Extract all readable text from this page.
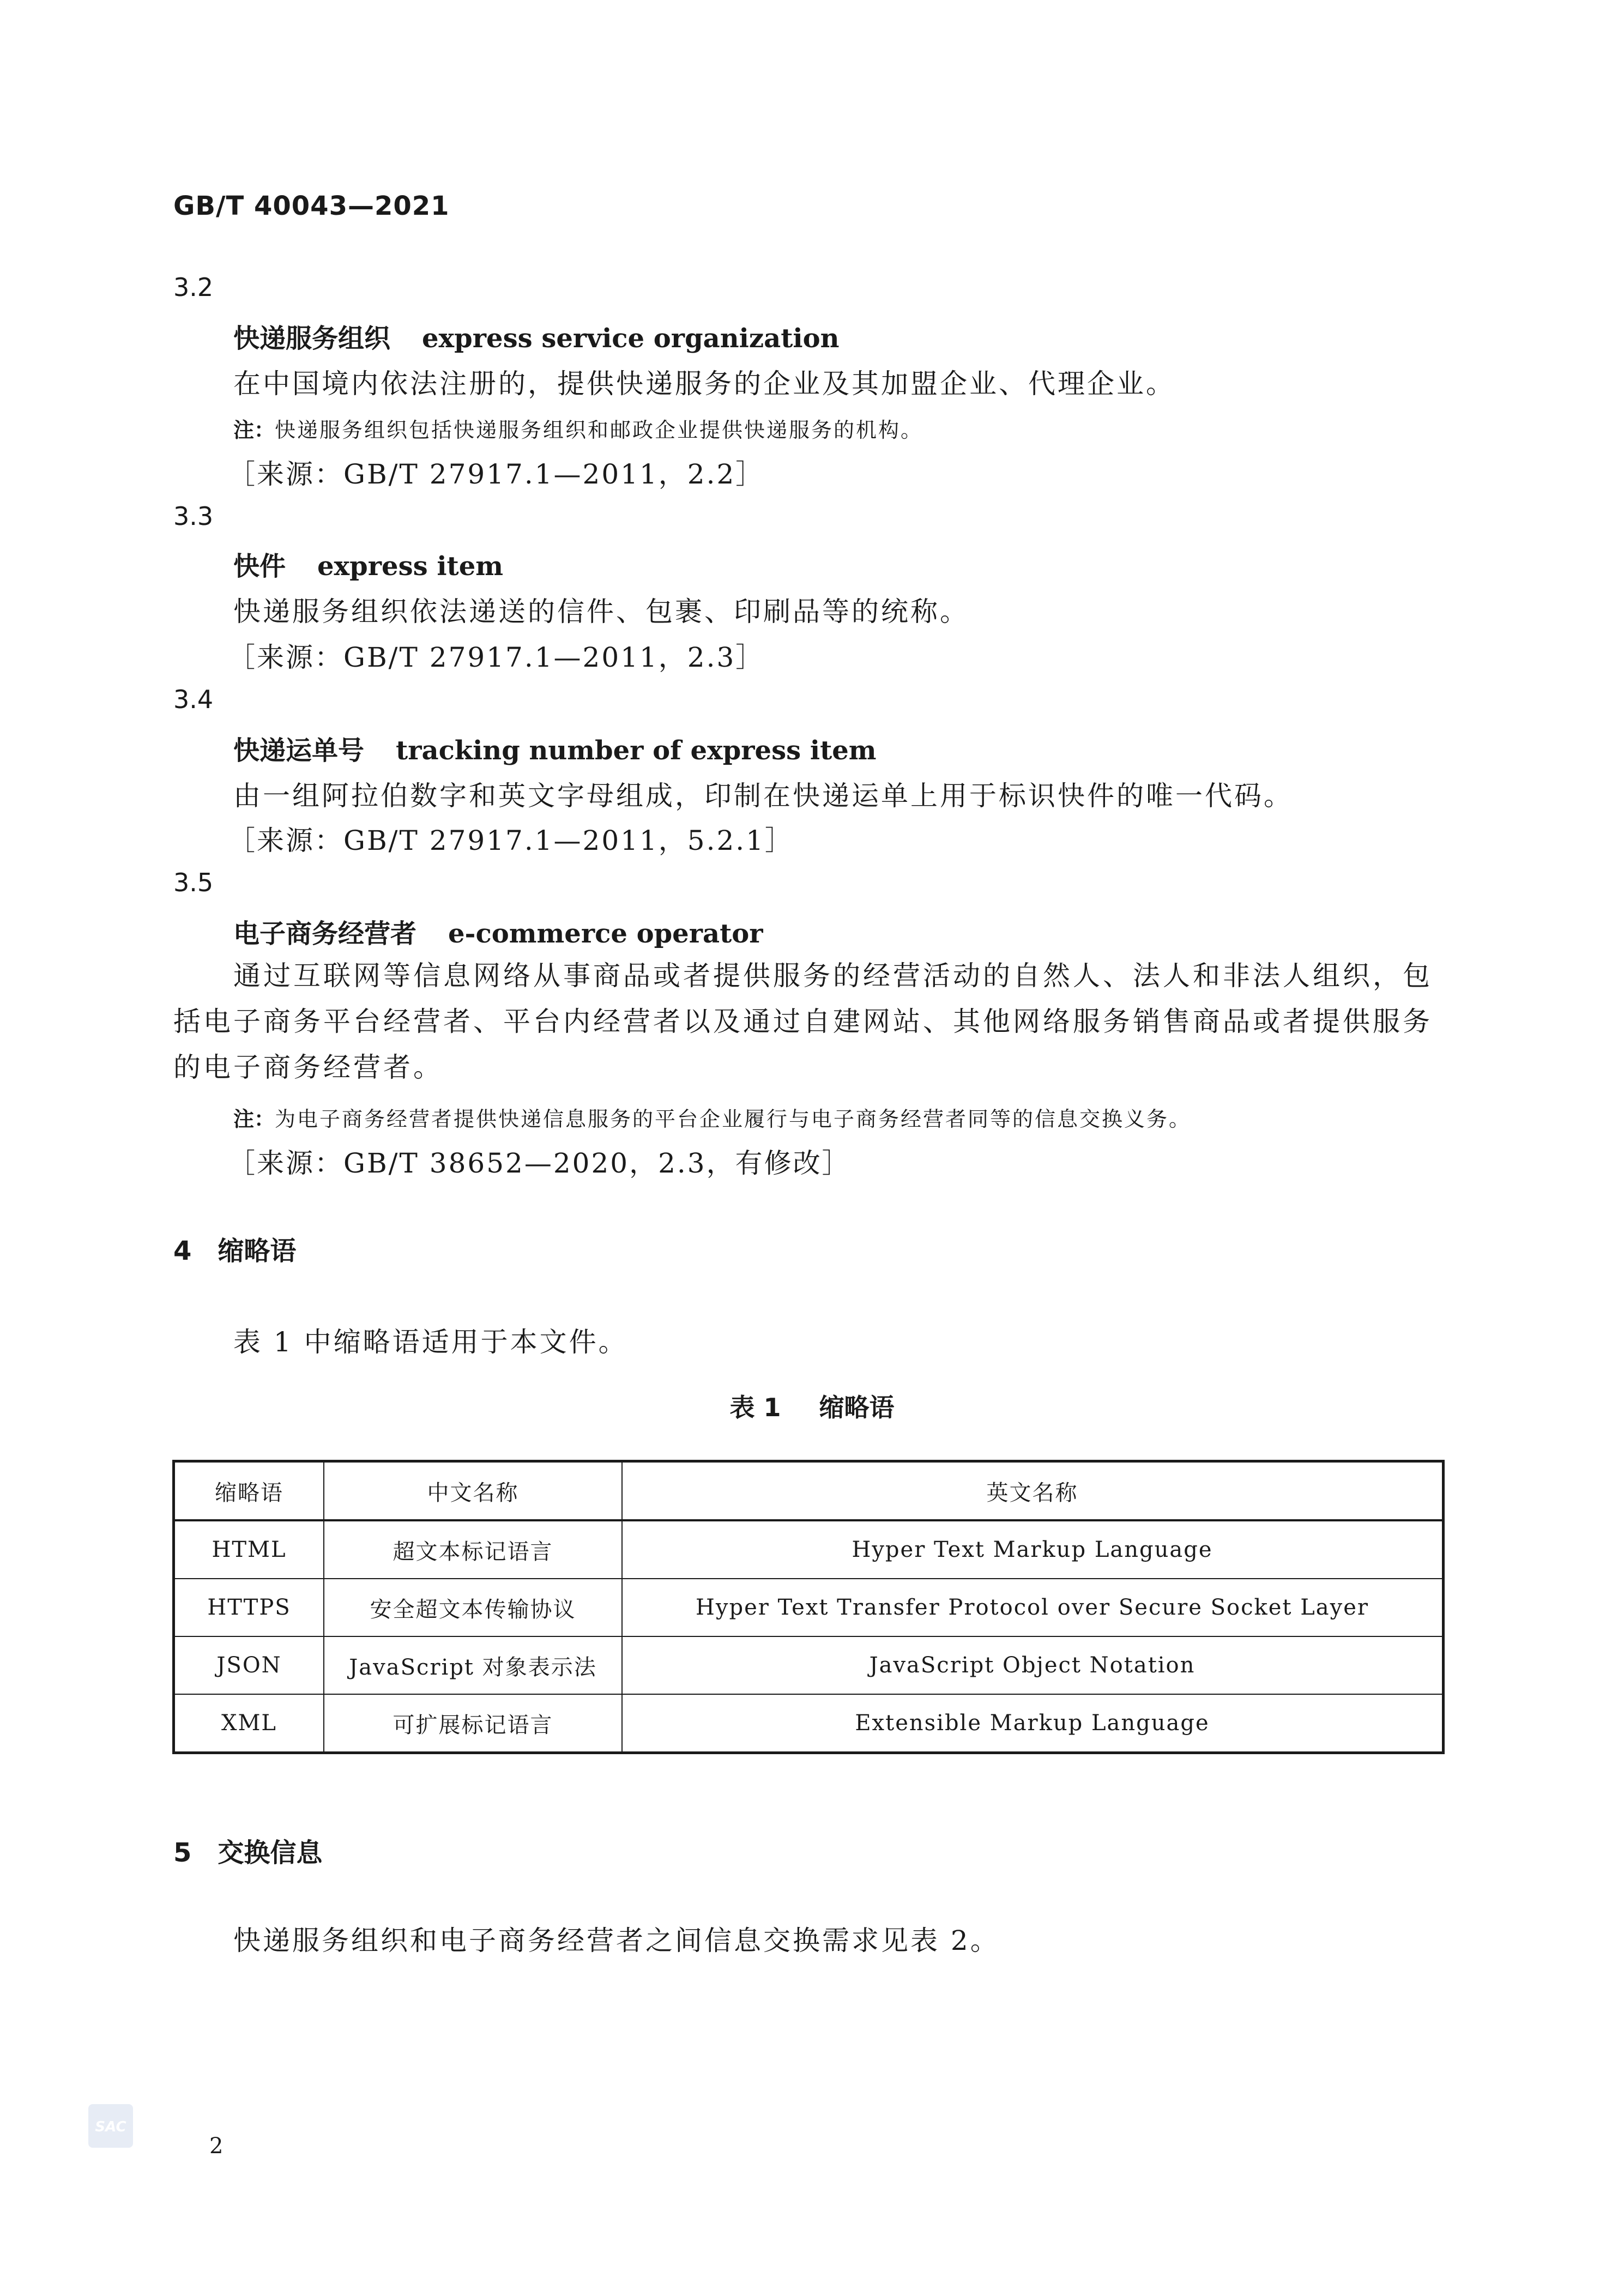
GB/T 40043—2021
3.2
快递服务组织 express service organization
在中国境内依法注册的，提供快递服务的企业及其加盟企业、代理企业。
注：快递服务组织包括快递服务组织和邮政企业提供快递服务的机构。
［来源：GB/T 27917.1—2011，2.2］
3.3
快件 express item
快递服务组织依法递送的信件、包裹、印刷品等的统称。
［来源：GB/T 27917.1—2011，2.3］
3.4
快递运单号 tracking number of express item
由一组阿拉伯数字和英文字母组成，印制在快递运单上用于标识快件的唯一代码。
［来源：GB/T 27917.1—2011，5.2.1］
3.5
电子商务经营者 e-commerce operator
通过互联网等信息网络从事商品或者提供服务的经营活动的自然人、法人和非法人组织，包括电子商务平台经营者、平台内经营者以及通过自建网站、其他网络服务销售商品或者提供服务的电子商务经营者。
注：为电子商务经营者提供快递信息服务的平台企业履行与电子商务经营者同等的信息交换义务。
［来源：GB/T 38652—2020，2.3，有修改］
4 缩略语
表 1 中缩略语适用于本文件。
表 1 缩略语
缩略语	中文名称	英文名称
HTML	超文本标记语言	Hyper Text Markup Language
HTTPS	安全超文本传输协议	Hyper Text Transfer Protocol over Secure Socket Layer
JSON	JavaScript 对象表示法	JavaScript Object Notation
XML	可扩展标记语言	Extensible Markup Language
5 交换信息
快递服务组织和电子商务经营者之间信息交换需求见表 2。
SAC
2
